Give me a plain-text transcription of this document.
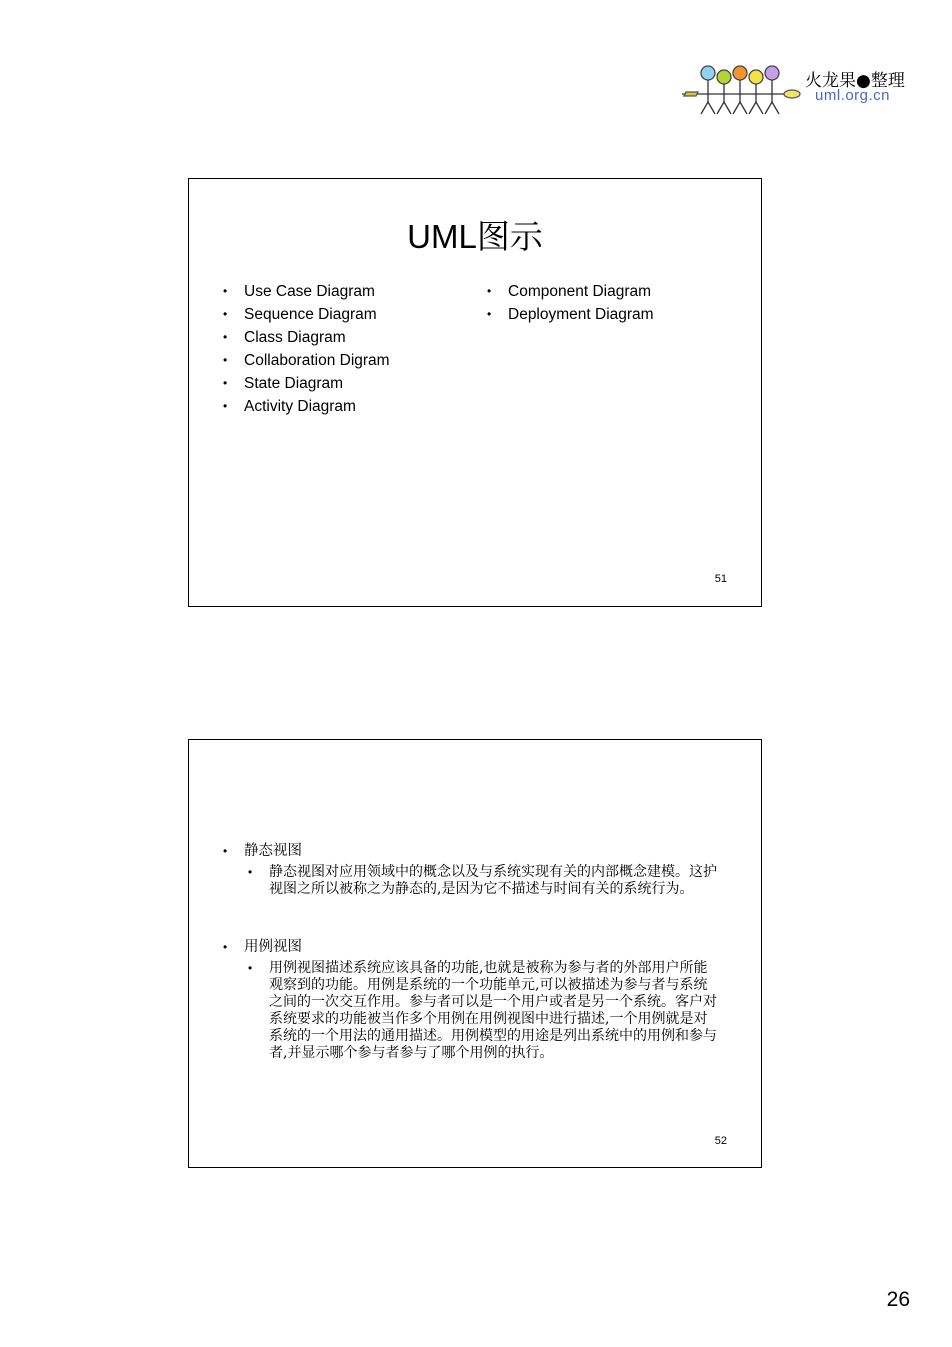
火龙果●整理
uml.org.cn
UML图示
• Use Case Diagram
• Sequence Diagram
• Class Diagram
• Collaboration Digram
• State Diagram
• Activity Diagram
• Component Diagram
• Deployment Diagram
51
• 静态视图
• 静态视图对应用领域中的概念以及与系统实现有关的内部概念建模。这护视图之所以被称之为静态的,是因为它不描述与时间有关的系统行为。
• 用例视图
• 用例视图描述系统应该具备的功能,也就是被称为参与者的外部用户所能观察到的功能。用例是系统的一个功能单元,可以被描述为参与者与系统之间的一次交互作用。参与者可以是一个用户或者是另一个系统。客户对系统要求的功能被当作多个用例在用例视图中进行描述,一个用例就是对系统的一个用法的通用描述。用例模型的用途是列出系统中的用例和参与者,并显示哪个参与者参与了哪个用例的执行。
52
26
